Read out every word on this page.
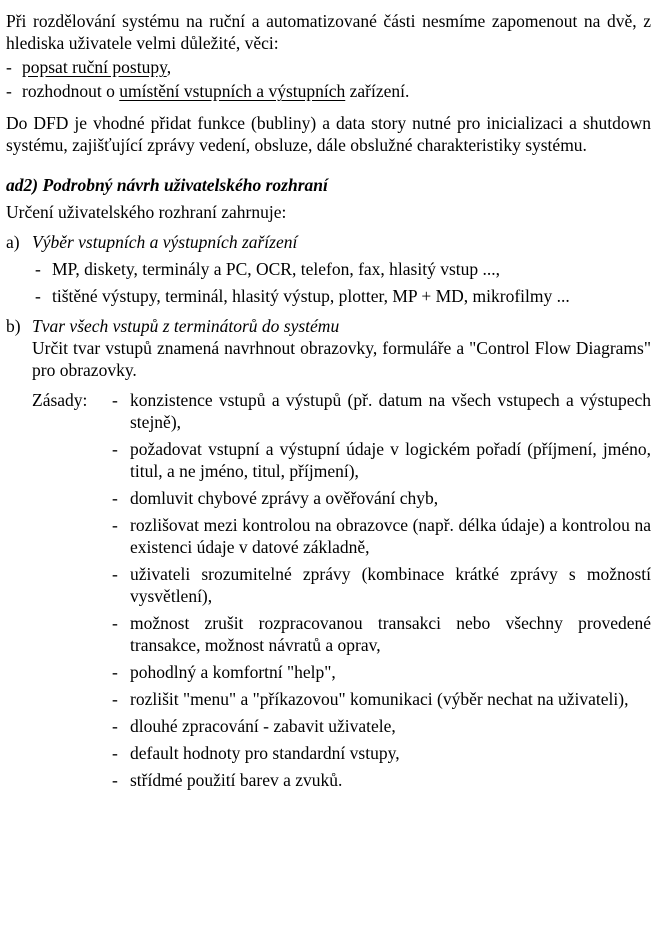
Při rozdělování systému na ruční a automatizované části nesmíme zapomenout na dvě, z hlediska uživatele velmi důležité, věci:

- popsat ruční postupy,
- rozhodnout o umístění vstupních a výstupních zařízení.

Do DFD je vhodné přidat funkce (bubliny) a data story nutné pro inicializaci a shutdown systému, zajišťující zprávy vedení, obsluze, dále obslužné charakteristiky systému.

ad2) Podrobný návrh uživatelského rozhraní

Určení uživatelského rozhraní zahrnuje:

a) Výběr vstupních a výstupních zařízení
- MP, diskety, terminály a PC, OCR, telefon, fax, hlasitý vstup ...,
- tištěné výstupy, terminál, hlasitý výstup, plotter, MP + MD, mikrofilmy ...
b) Tvar všech vstupů z terminátorů do systému

Určit tvar vstupů znamená navrhnout obrazovky, formuláře a "Control Flow Diagrams" pro obrazovky.

Zásady:	- konzistence vstupů a výstupů (př. datum na všech vstupech a výstupech stejně),
- požadovat vstupní a výstupní údaje v logickém pořadí (příjmení, jméno, titul, a ne jméno, titul, příjmení),
- domluvit chybové zprávy a ověřování chyb,
- rozlišovat mezi kontrolou na obrazovce (např. délka údaje) a kontrolou na existenci údaje v datové základně,
- uživateli srozumitelné zprávy (kombinace krátké zprávy s možností vysvětlení),
- možnost zrušit rozpracovanou transakci nebo všechny provedené transakce, možnost návratů a oprav,
- pohodlný a komfortní "help",
- rozlišit "menu" a "příkazovou" komunikaci (výběr nechat na uživateli),
- dlouhé zpracování - zabavit uživatele,
- default hodnoty pro standardní vstupy,
- střídmé použití barev a zvuků.
